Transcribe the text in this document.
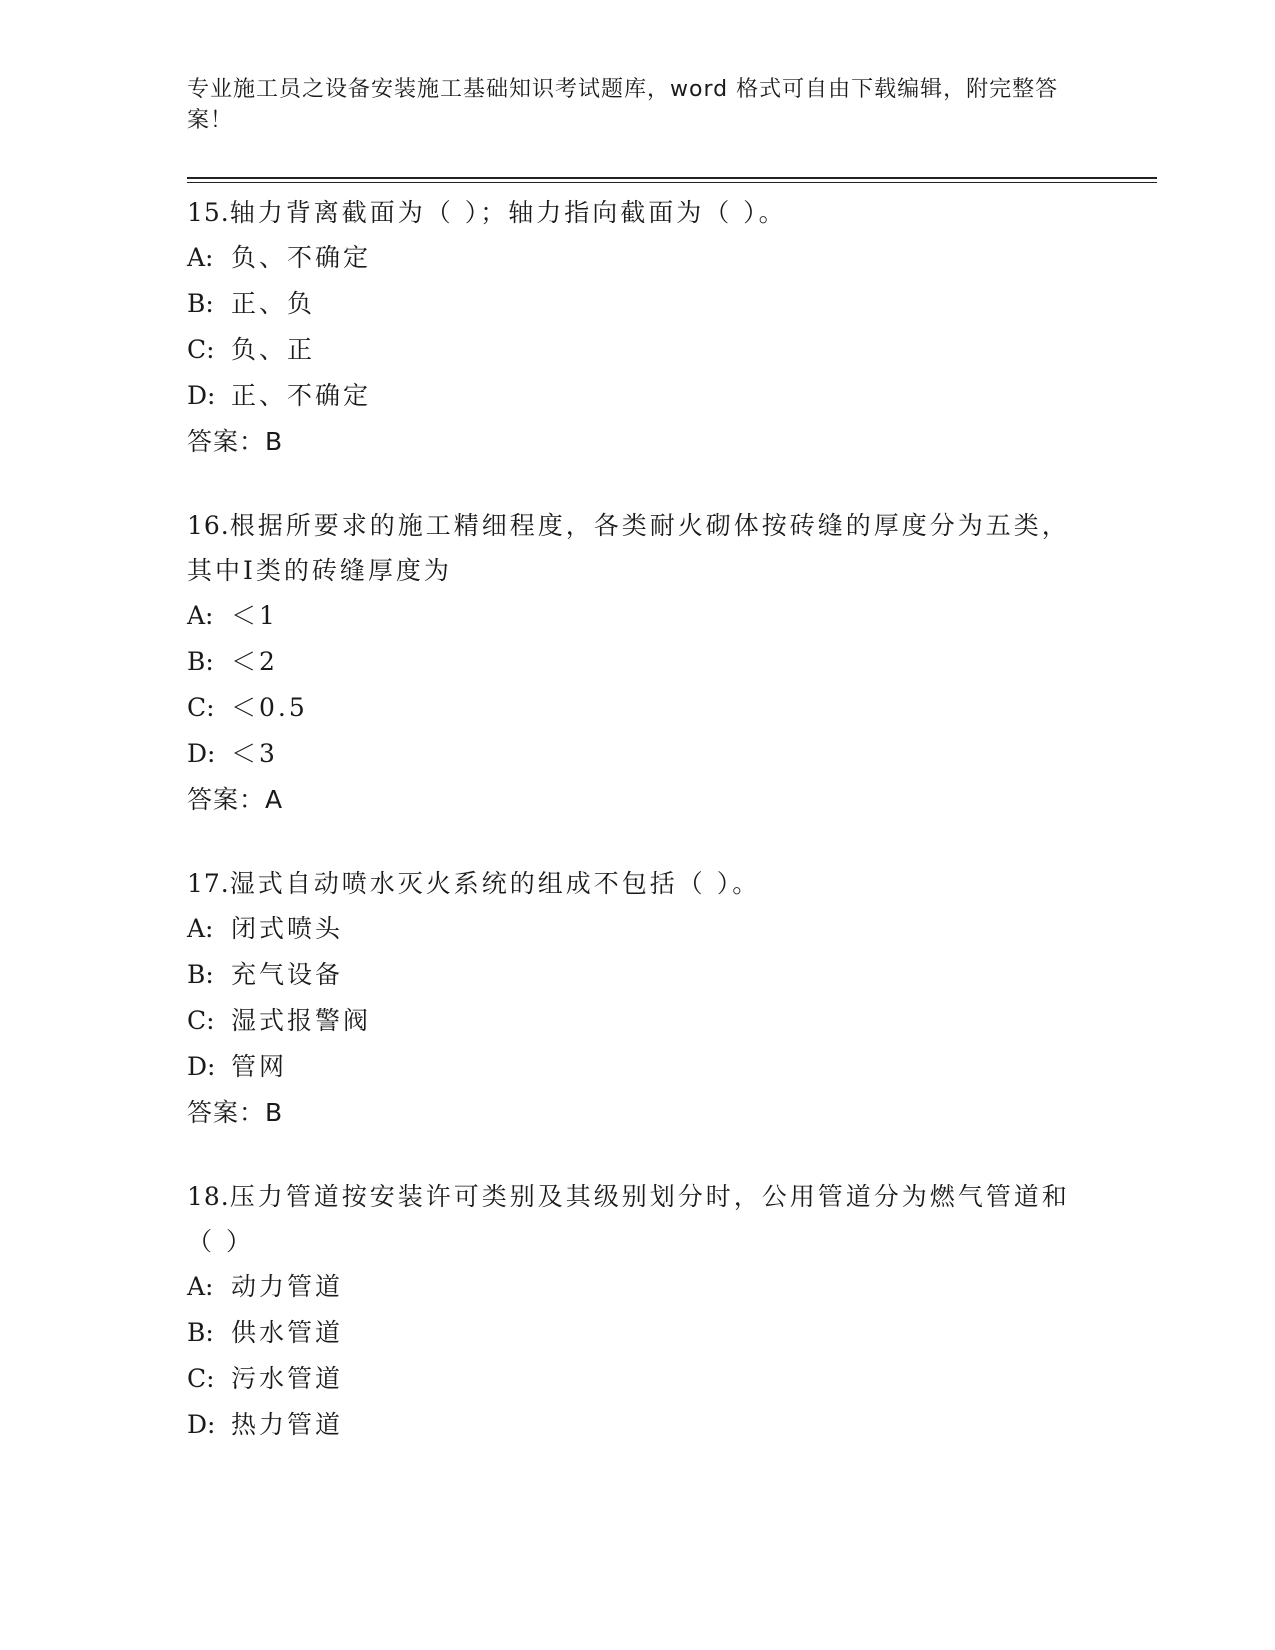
专业施工员之设备安装施工基础知识考试题库，word 格式可自由下载编辑，附完整答案！
15.轴力背离截面为（ ）；轴力指向截面为（ ）。
A: 负、不确定
B: 正、负
C: 负、正
D: 正、不确定
答案：B
16.根据所要求的施工精细程度，各类耐火砌体按砖缝的厚度分为五类，其中Ⅰ类的砖缝厚度为
A: ＜1
B: ＜2
C: ＜0.5
D: ＜3
答案：A
17.湿式自动喷水灭火系统的组成不包括（ ）。
A: 闭式喷头
B: 充气设备
C: 湿式报警阀
D: 管网
答案：B
18.压力管道按安装许可类别及其级别划分时，公用管道分为燃气管道和（ ）
A: 动力管道
B: 供水管道
C: 污水管道
D: 热力管道
